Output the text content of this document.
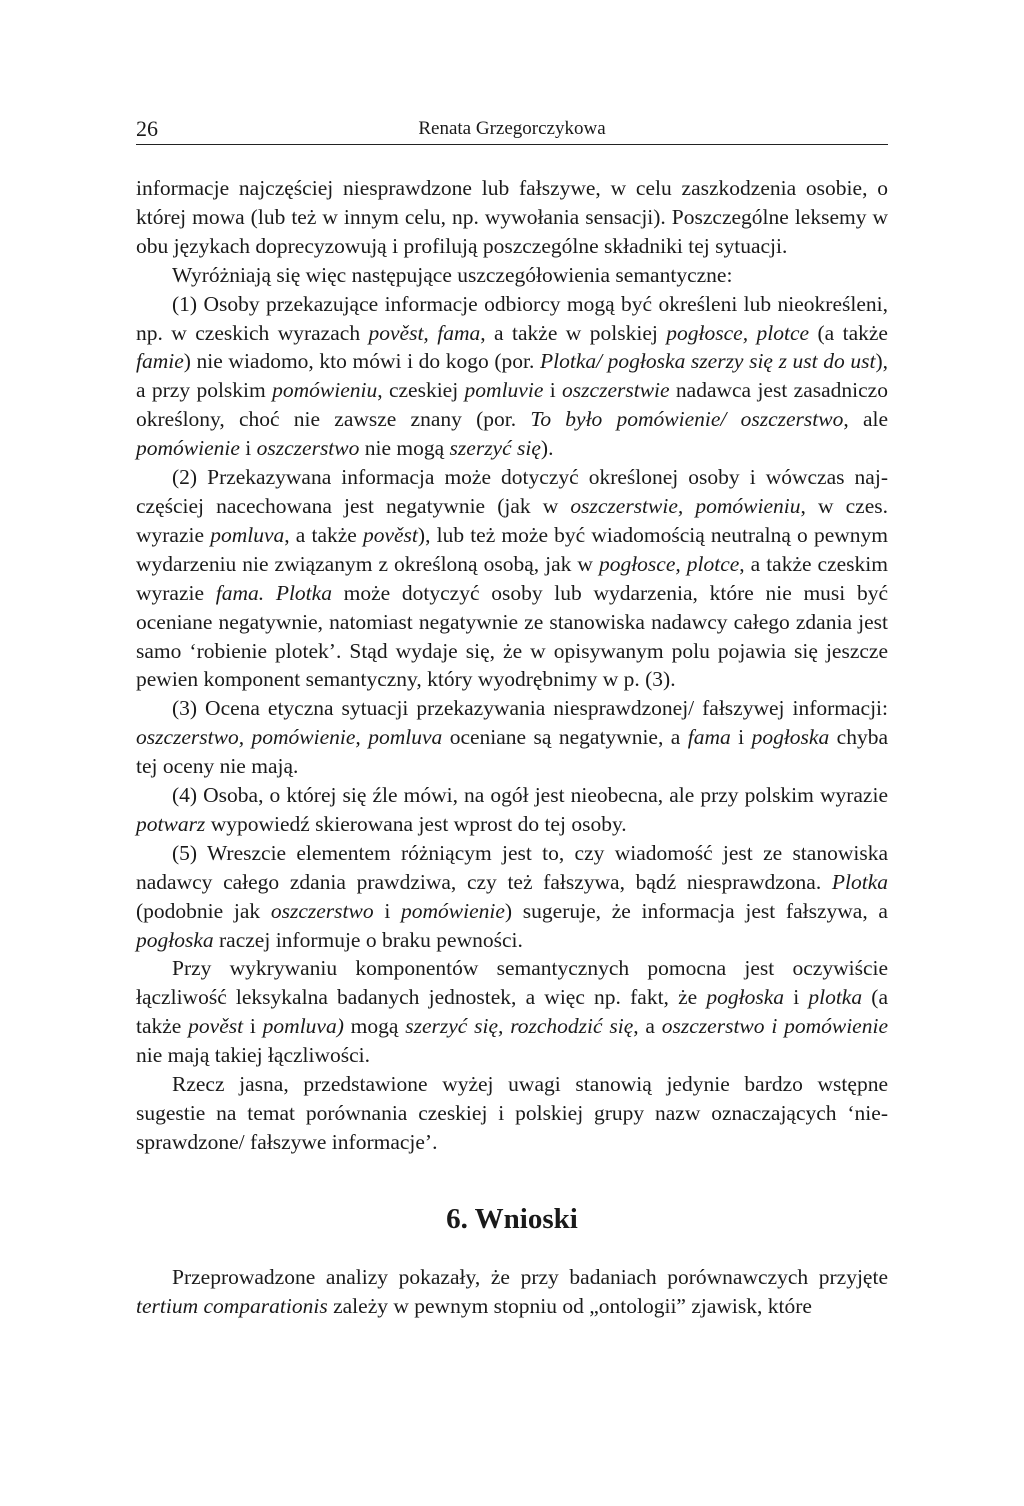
26	Renata Grzegorczykowa

informacje najczęściej niesprawdzone lub fałszywe, w celu zaszkodzenia osobie, o której mowa (lub też w innym celu, np. wywołania sensacji). Poszczególne leksemy w obu językach doprecyzowują i profilują poszczególne składniki tej sytuacji.

Wyróżniają się więc następujące uszczegółowienia semantyczne:

(1) Osoby przekazujące informacje odbiorcy mogą być określeni lub nieokreśleni, np. w czeskich wyrazach pověst, fama, a także w polskiej pogłosce, plotce (a także famie) nie wiadomo, kto mówi i do kogo (por. Plotka/ pogłoska szerzy się z ust do ust), a przy polskim pomówieniu, czeskiej pomluvie i oszczerstwie nadawca jest zasadniczo określony, choć nie zawsze znany (por. To było pomówienie/ oszczerstwo, ale pomówienie i oszczerstwo nie mogą szerzyć się).

(2) Przekazywana informacja może dotyczyć określonej osoby i wówczas najczęściej nacechowana jest negatywnie (jak w oszczerstwie, pomówieniu, w czes. wyrazie pomluva, a także pověst), lub też może być wiadomością neutralną o pewnym wydarzeniu nie związanym z określoną osobą, jak w pogłosce, plotce, a także czeskim wyrazie fama. Plotka może dotyczyć osoby lub wydarzenia, które nie musi być oceniane negatywnie, natomiast negatywnie ze stanowiska nadawcy całego zdania jest samo ‘robienie plotek’. Stąd wydaje się, że w opisywanym polu pojawia się jeszcze pewien komponent semantyczny, który wyodrębnimy w p. (3).

(3) Ocena etyczna sytuacji przekazywania niesprawdzonej/ fałszywej informacji: oszczerstwo, pomówienie, pomluva oceniane są negatywnie, a fama i pogłoska chyba tej oceny nie mają.

(4) Osoba, o której się źle mówi, na ogół jest nieobecna, ale przy polskim wyrazie potwarz wypowiedź skierowana jest wprost do tej osoby.

(5) Wreszcie elementem różniącym jest to, czy wiadomość jest ze stanowiska nadawcy całego zdania prawdziwa, czy też fałszywa, bądź niesprawdzona. Plotka (podobnie jak oszczerstwo i pomówienie) sugeruje, że informacja jest fałszywa, a pogłoska raczej informuje o braku pewności.

Przy wykrywaniu komponentów semantycznych pomocna jest oczywiście łączliwość leksykalna badanych jednostek, a więc np. fakt, że pogłoska i plotka (a także pověst i pomluva) mogą szerzyć się, rozchodzić się, a oszczerstwo i pomówienie nie mają takiej łączliwości.

Rzecz jasna, przedstawione wyżej uwagi stanowią jedynie bardzo wstępne sugestie na temat porównania czeskiej i polskiej grupy nazw oznaczających ‘niesprawdzone/ fałszywe informacje’.

6. Wnioski

Przeprowadzone analizy pokazały, że przy badaniach porównawczych przyjęte tertium comparationis zależy w pewnym stopniu od „ontologii” zjawisk, które
